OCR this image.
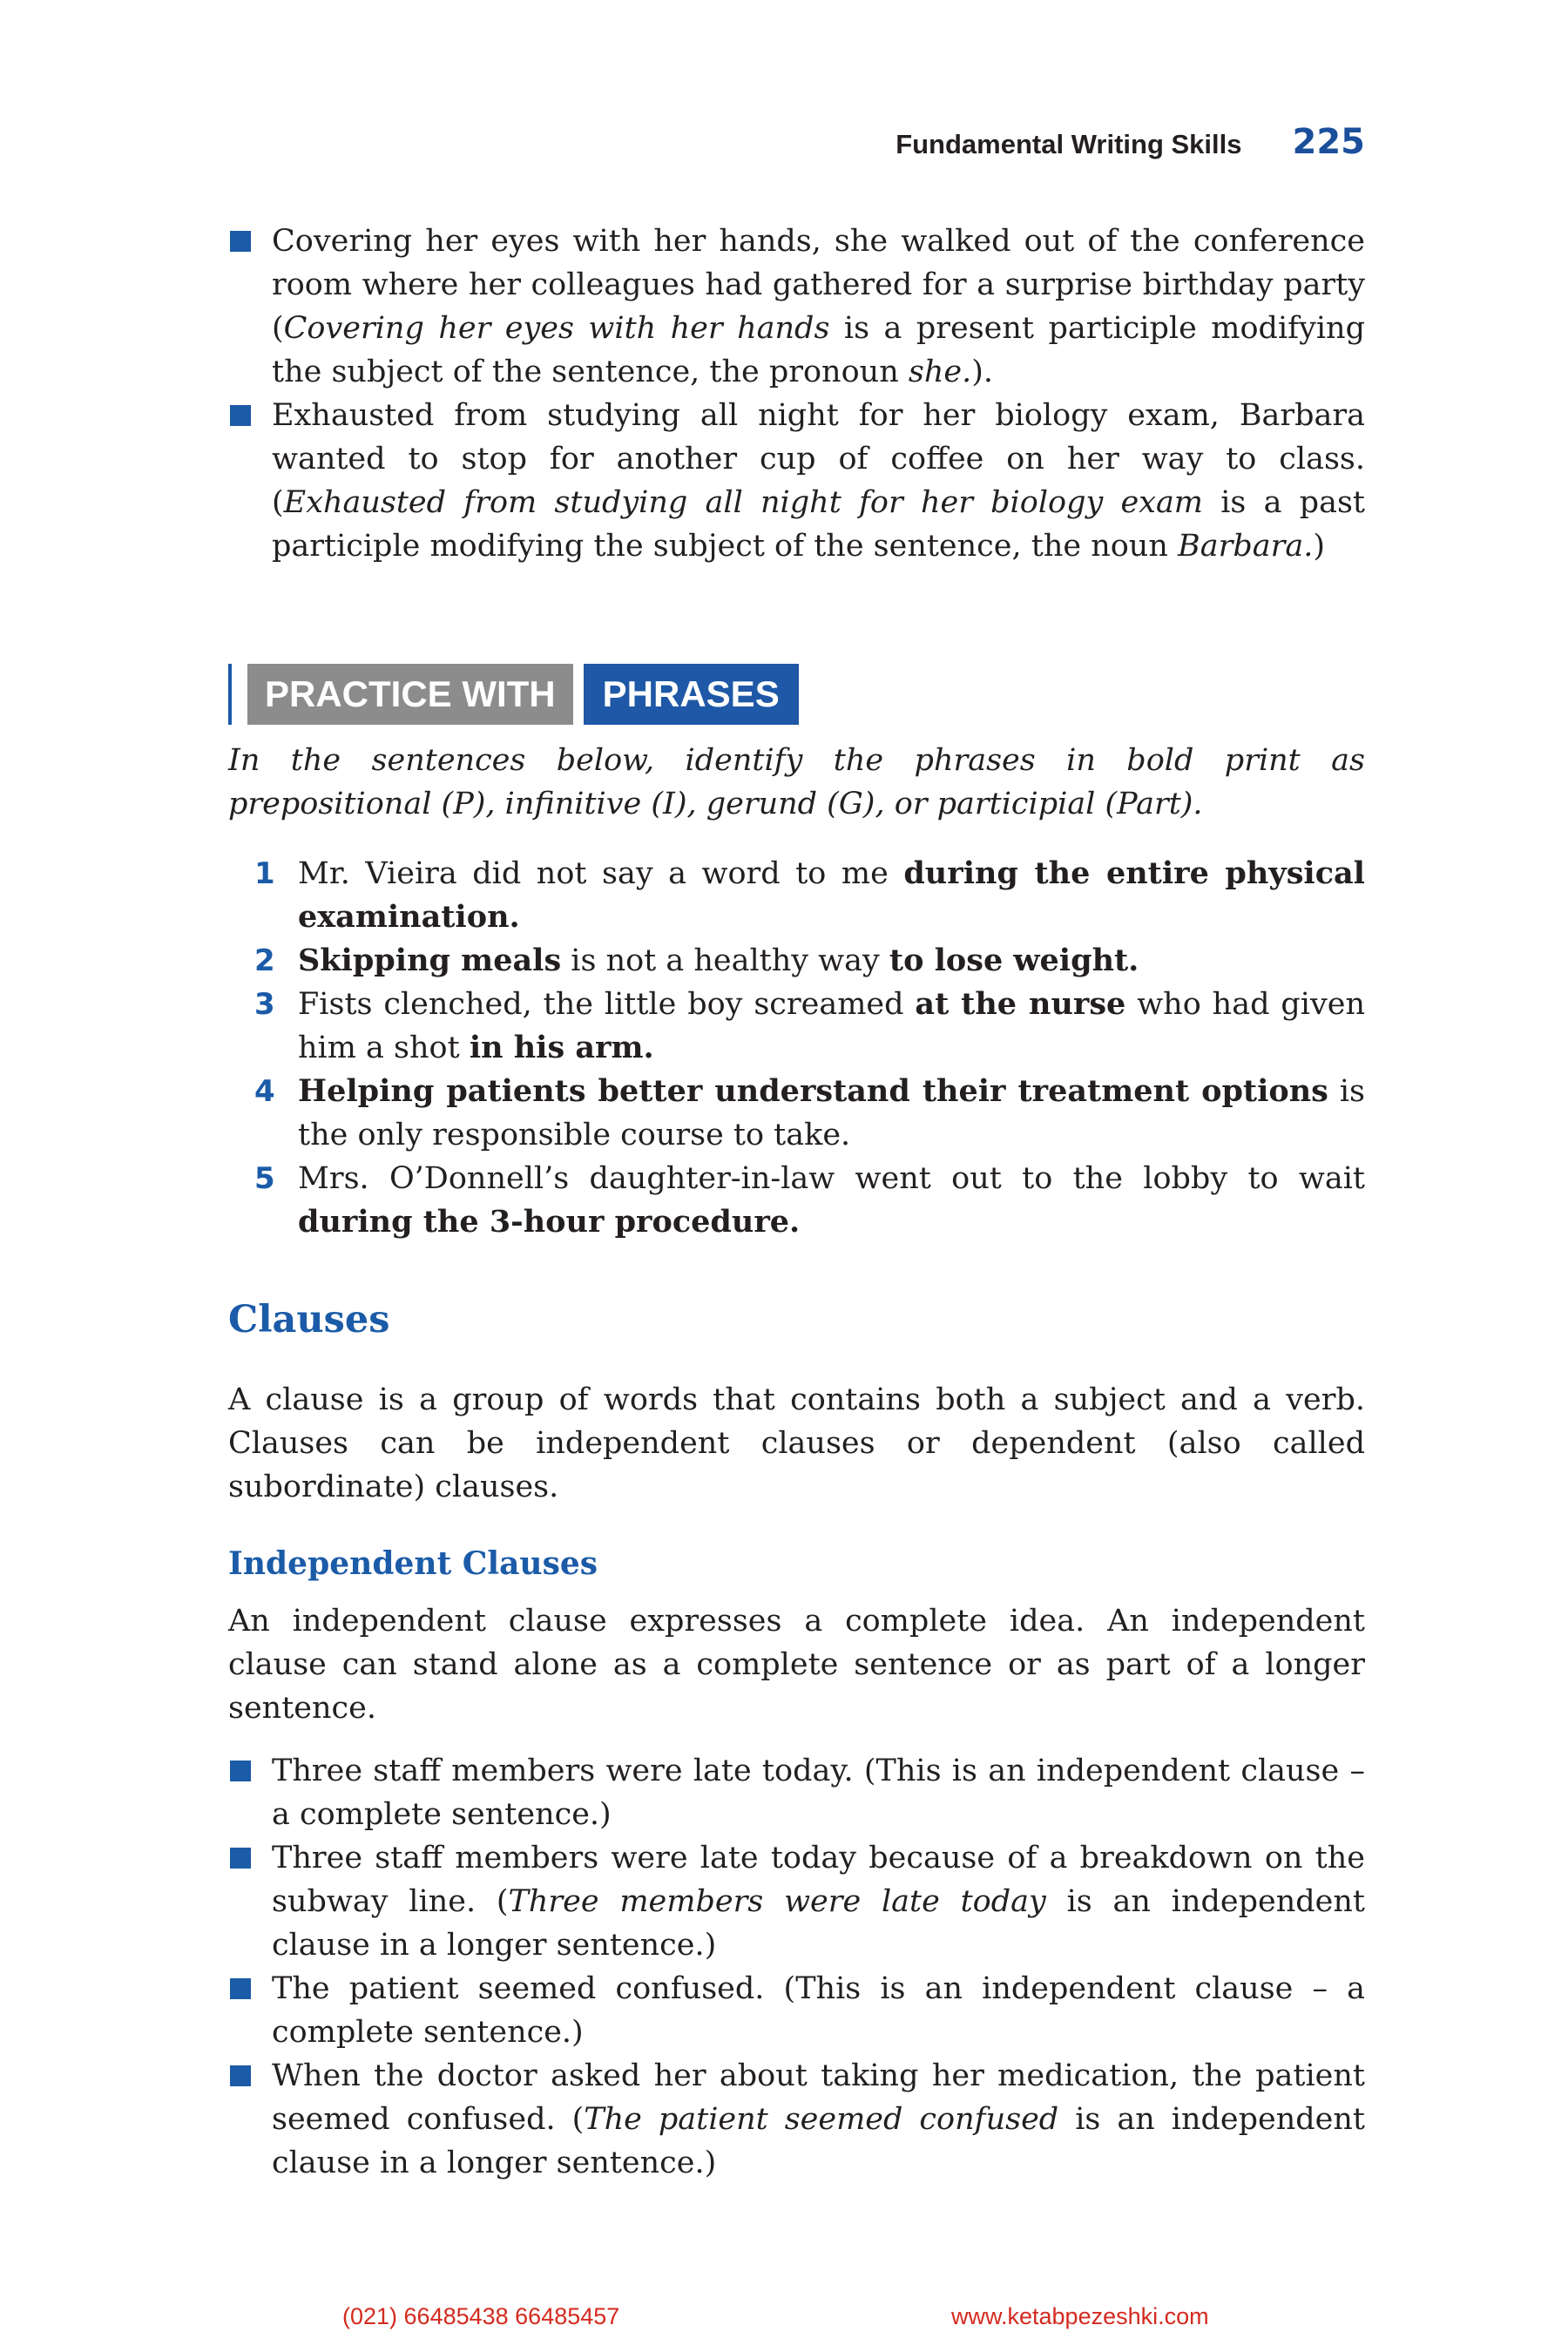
Fundamental Writing Skills 225
Covering her eyes with her hands, she walked out of the conference room where her colleagues had gathered for a surprise birthday party (Covering her eyes with her hands is a present participle modifying the subject of the sentence, the pronoun she.).
Exhausted from studying all night for her biology exam, Barbara wanted to stop for another cup of coffee on her way to class. (Exhausted from studying all night for her biology exam is a past participle modifying the subject of the sentence, the noun Barbara.)
PRACTICE WITH	PHRASES
In the sentences below, identify the phrases in bold print as prepositional (P), infinitive (I), gerund (G), or participial (Part).
1 Mr. Vieira did not say a word to me during the entire physical examination.
2 Skipping meals is not a healthy way to lose weight.
3 Fists clenched, the little boy screamed at the nurse who had given him a shot in his arm.
4 Helping patients better understand their treatment options is the only responsible course to take.
5 Mrs. O’Donnell’s daughter-in-law went out to the lobby to wait during the 3-hour procedure.
Clauses
A clause is a group of words that contains both a subject and a verb. Clauses can be independent clauses or dependent (also called subordinate) clauses.
Independent Clauses
An independent clause expresses a complete idea. An independent clause can stand alone as a complete sentence or as part of a longer sentence.
Three staff members were late today. (This is an independent clause – a complete sentence.)
Three staff members were late today because of a breakdown on the subway line. (Three members were late today is an independent clause in a longer sentence.)
The patient seemed confused. (This is an independent clause – a complete sentence.)
When the doctor asked her about taking her medication, the patient seemed confused. (The patient seemed confused is an independent clause in a longer sentence.)
(021) 66485438 66485457	www.ketabpezeshki.com
